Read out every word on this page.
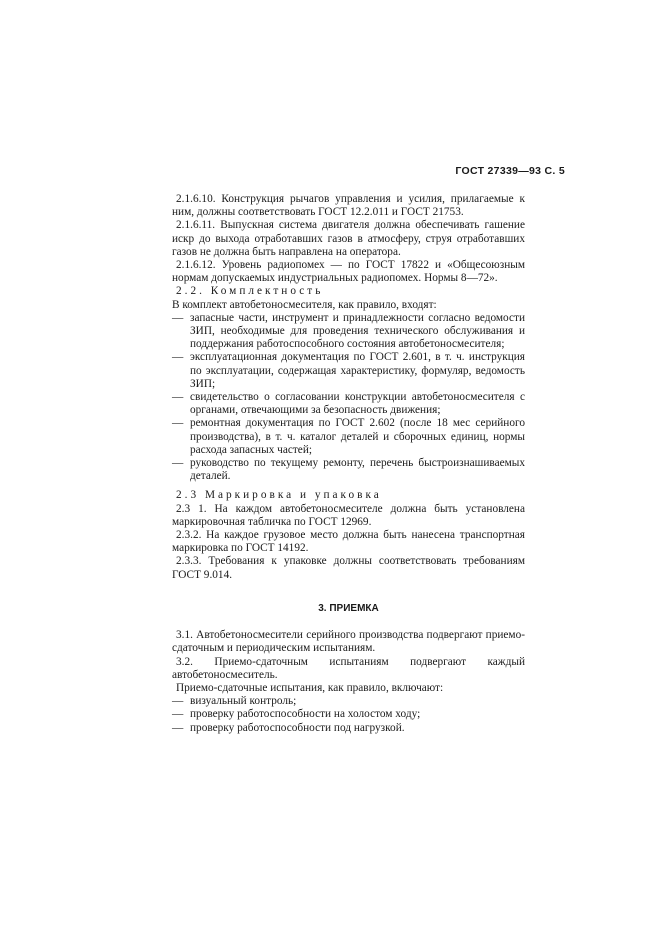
ГОСТ 27339—93 С. 5

2.1.6.10. Конструкция рычагов управления и усилия, прилагаемые к ним, должны соответствовать ГОСТ 12.2.011 и ГОСТ 21753.

2.1.6.11. Выпускная система двигателя должна обеспечивать гашение искр до выхода отработавших газов в атмосферу, струя отработавших газов не должна быть направлена на оператора.

2.1.6.12. Уровень радиопомех — по ГОСТ 17822 и «Общесоюзным нормам допускаемых индустриальных радиопомех. Нормы 8—72».

2.2. Комплектность

В комплект автобетоносмесителя, как правило, входят:

— запасные части, инструмент и принадлежности согласно ведомости ЗИП, необходимые для проведения технического обслуживания и поддержания работоспособного состояния автобетоносмесителя;
— эксплуатационная документация по ГОСТ 2.601, в т. ч. инструкция по эксплуатации, содержащая характеристику, формуляр, ведомость ЗИП;
— свидетельство о согласовании конструкции автобетоносмесителя с органами, отвечающими за безопасность движения;
— ремонтная документация по ГОСТ 2.602 (после 18 мес серийного производства), в т. ч. каталог деталей и сборочных единиц, нормы расхода запасных частей;
— руководство по текущему ремонту, перечень быстроизнашиваемых деталей.

2.3 Маркировка и упаковка

2.3 1. На каждом автобетоносмесителе должна быть установлена маркировочная табличка по ГОСТ 12969.

2.3.2. На каждое грузовое место должна быть нанесена транспортная маркировка по ГОСТ 14192.

2.3.3. Требования к упаковке должны соответствовать требованиям ГОСТ 9.014.

3. ПРИЕМКА

3.1. Автобетоносмесители серийного производства подвергают приемо-сдаточным и периодическим испытаниям.

3.2. Приемо-сдаточным испытаниям подвергают каждый автобетоносмеситель.

Приемо-сдаточные испытания, как правило, включают:

— визуальный контроль;
— проверку работоспособности на холостом ходу;
— проверку работоспособности под нагрузкой.
